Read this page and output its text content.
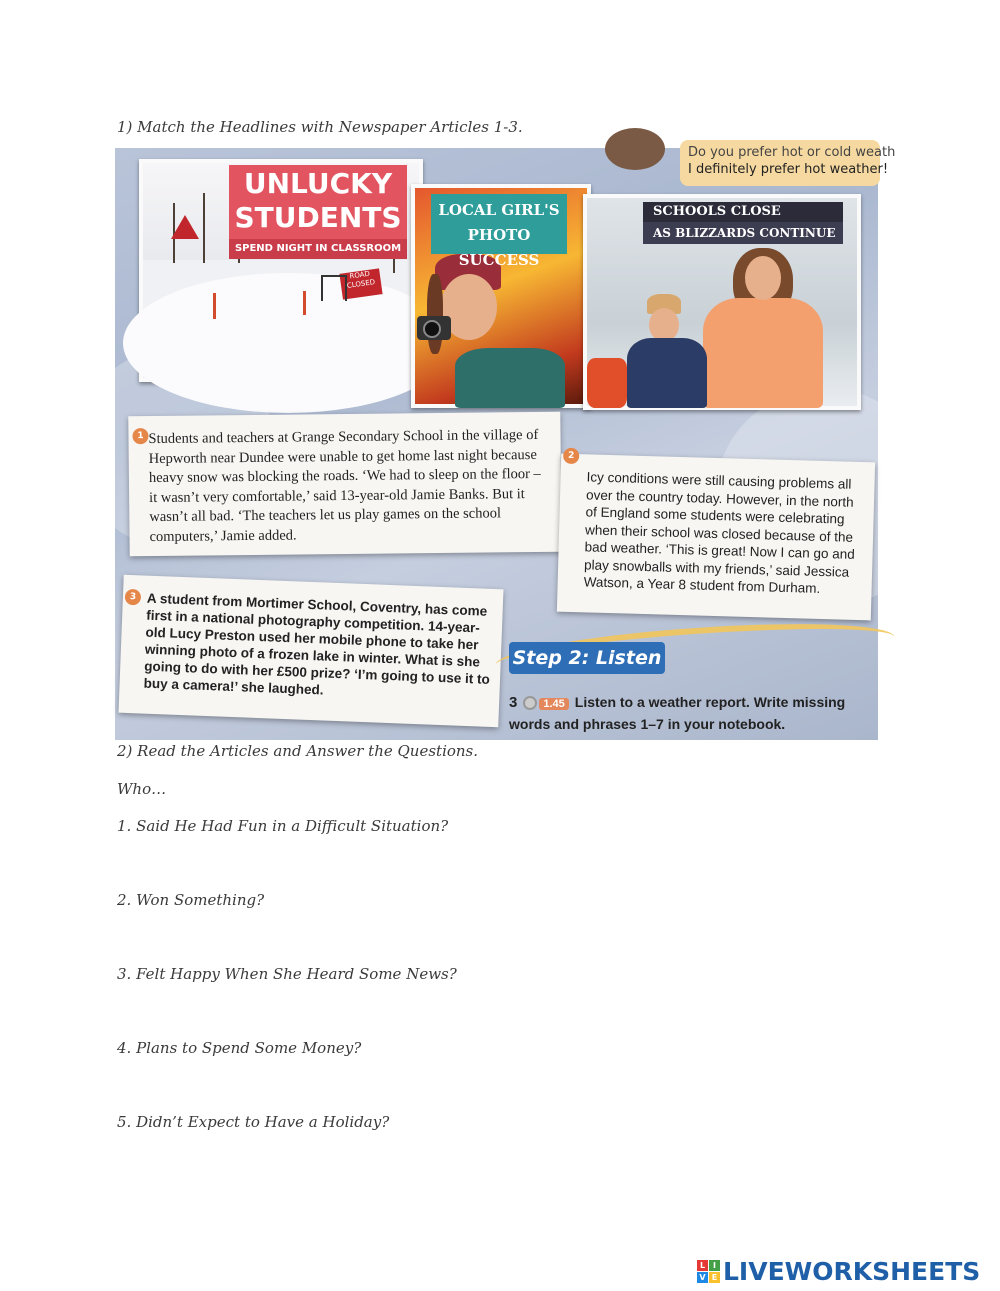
1) Match the Headlines with Newspaper Articles 1-3.
Do you prefer hot or cold weath
I definitely prefer hot weather!
ROAD CLOSED
UNLUCKY STUDENTS
SPEND NIGHT IN CLASSROOM
LOCAL GIRL'S PHOTO SUCCESS
SCHOOLS CLOSE
AS BLIZZARDS CONTINUE
1 Students and teachers at Grange Secondary School in the village of Hepworth near Dundee were unable to get home last night because heavy snow was blocking the roads. ‘We had to sleep on the floor – it wasn’t very comfortable,’ said 13-year-old Jamie Banks. But it wasn’t all bad. ‘The teachers let us play games on the school computers,’ Jamie added.
2
Icy conditions were still causing problems all over the country today. However, in the north of England some students were celebrating when their school was closed because of the bad weather. ‘This is great! Now I can go and play snowballs with my friends,’ said Jessica Watson, a Year 8 student from Durham.
3 A student from Mortimer School, Coventry, has come first in a national photography competition. 14-year-old Lucy Preston used her mobile phone to take her winning photo of a frozen lake in winter. What is she going to do with her £500 prize? ‘I’m going to use it to buy a camera!’ she laughed.
Step 2: Listen
3 1.45 Listen to a weather report. Write missing words and phrases 1–7 in your notebook.
2) Read the Articles and Answer the Questions.
Who…
1. Said He Had Fun in a Difficult Situation?
2. Won Something?
3. Felt Happy When She Heard Some News?
4. Plans to Spend Some Money?
5. Didn’t Expect to Have a Holiday?
L I
V E LIVEWORKSHEETS
